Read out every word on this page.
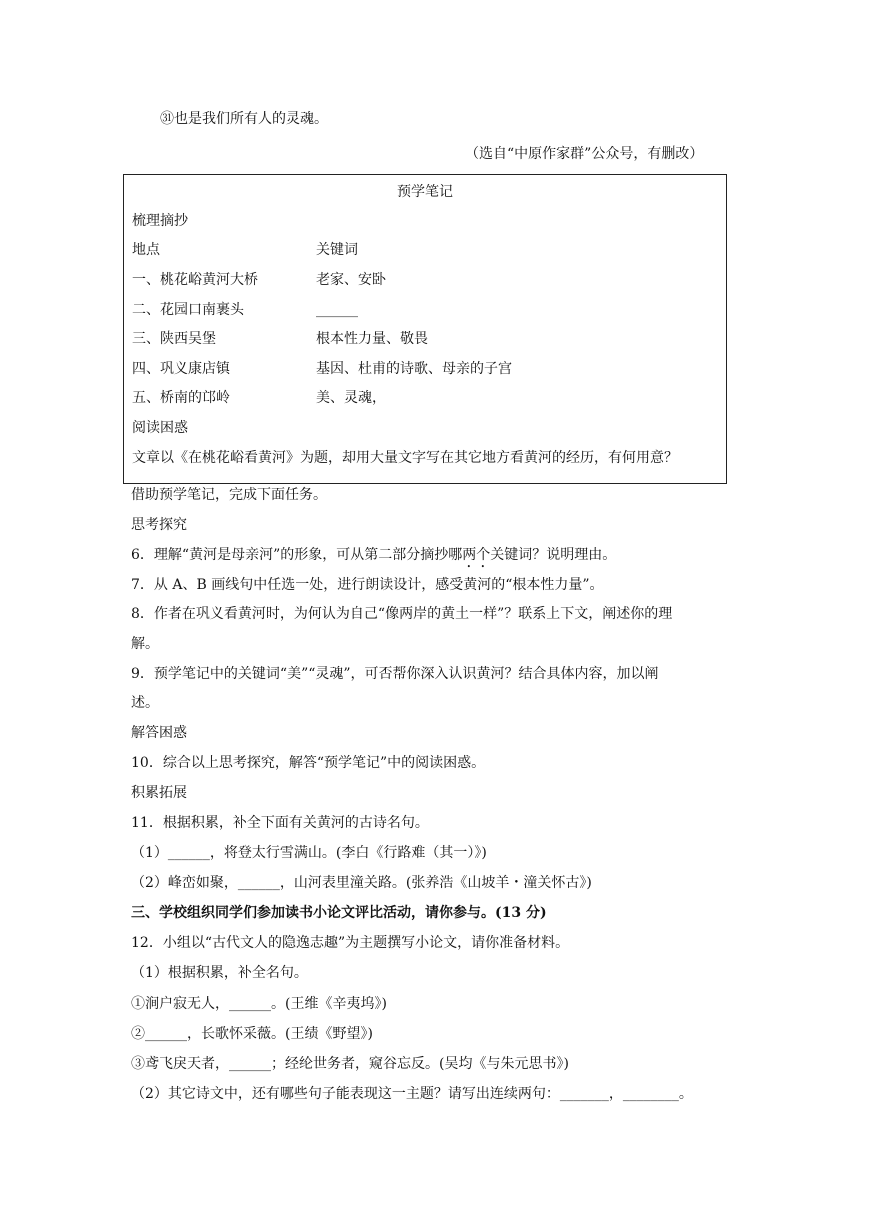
㉛也是我们所有人的灵魂。
（选自“中原作家群”公众号，有删改）
预学笔记
梳理摘抄
地点	关键词
一、桃花峪黄河大桥	老家、安卧
二、花园口南裹头	______
三、陕西吴堡	根本性力量、敬畏
四、巩义康店镇	基因、杜甫的诗歌、母亲的子宫
五、桥南的邙岭	美、灵魂，
阅读困惑
文章以《在桃花峪看黄河》为题，却用大量文字写在其它地方看黄河的经历，有何用意？
借助预学笔记，完成下面任务。
思考探究
6．理解“黄河是母亲河”的形象，可从第二部分摘抄哪两个关键词？说明理由。
7．从 A、B 画线句中任选一处，进行朗读设计，感受黄河的“根本性力量”。
8．作者在巩义看黄河时，为何认为自己“像两岸的黄土一样”？联系上下文，阐述你的理
解。
9．预学笔记中的关键词“美”“灵魂”，可否帮你深入认识黄河？结合具体内容，加以阐
述。
解答困惑
10．综合以上思考探究，解答“预学笔记”中的阅读困惑。
积累拓展
11．根据积累，补全下面有关黄河的古诗名句。
（1）______，将登太行雪满山。(李白《行路难（其一）》)
（2）峰峦如聚，______，山河表里潼关路。(张养浩《山坡羊・潼关怀古》)
三、学校组织同学们参加读书小论文评比活动，请你参与。(13 分)
12．小组以“古代文人的隐逸志趣”为主题撰写小论文，请你准备材料。
（1）根据积累，补全名句。
①涧户寂无人，______。(王维《辛夷坞》)
②______，长歌怀采薇。(王绩《野望》)
③鸢飞戾天者，______；经纶世务者，窥谷忘反。(吴均《与朱元思书》)
（2）其它诗文中，还有哪些句子能表现这一主题？请写出连续两句：_______，________。
